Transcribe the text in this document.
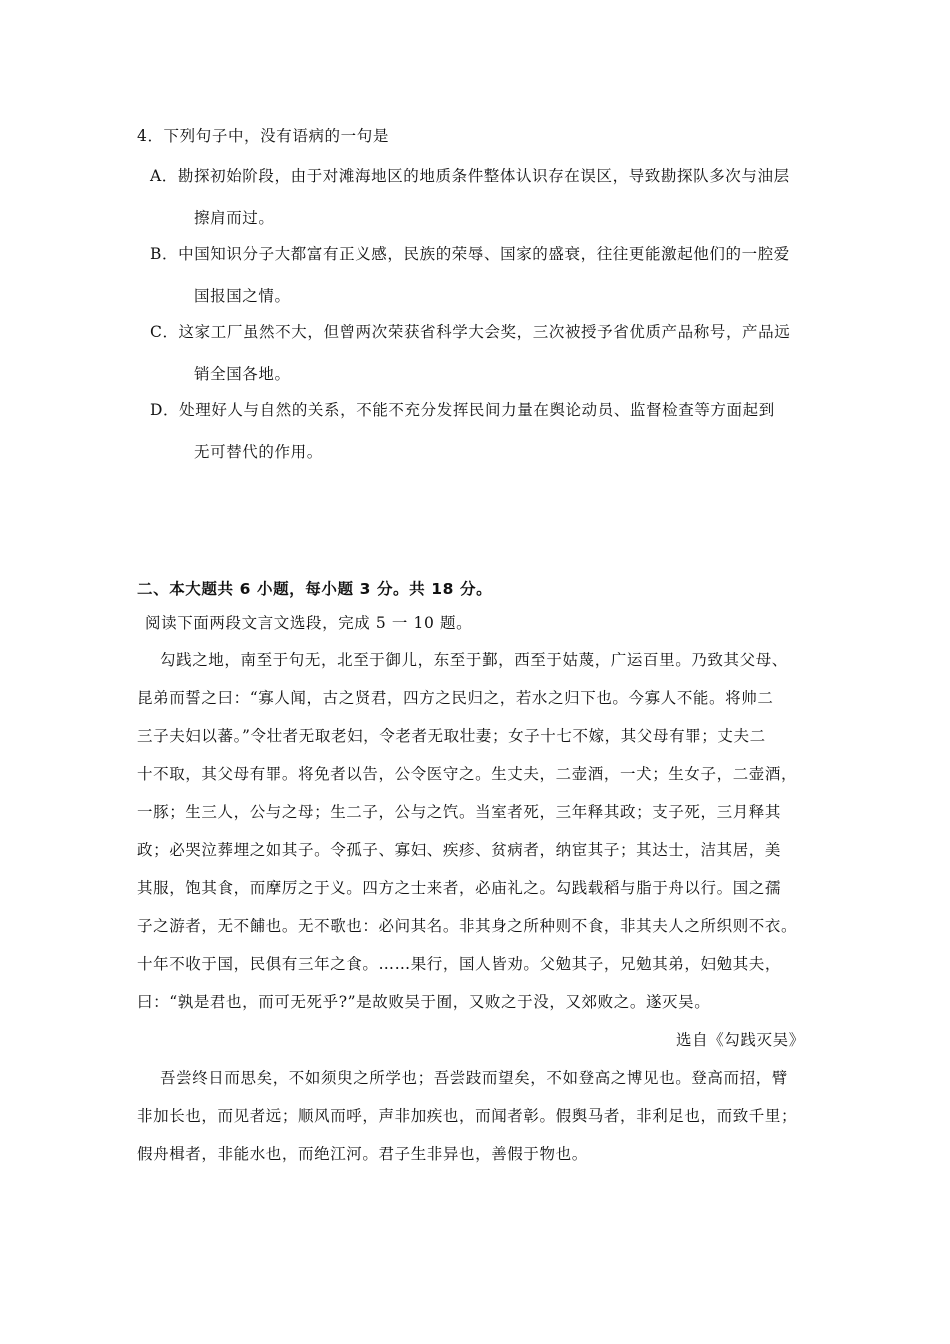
4．下列句子中，没有语病的一句是
A．勘探初始阶段，由于对滩海地区的地质条件整体认识存在误区，导致勘探队多次与油层
擦肩而过。
B．中国知识分子大都富有正义感，民族的荣辱、国家的盛衰，往往更能激起他们的一腔爱
国报国之情。
C．这家工厂虽然不大，但曾两次荣获省科学大会奖，三次被授予省优质产品称号，产品远
销全国各地。
D．处理好人与自然的关系，不能不充分发挥民间力量在舆论动员、监督检查等方面起到
无可替代的作用。
二、本大题共 6 小题，每小题 3 分。共 18 分。
阅读下面两段文言文选段，完成 5 一 10 题。
勾践之地，南至于句无，北至于御儿，东至于鄞，西至于姑蔑，广运百里。乃致其父母、
昆弟而誓之曰：“寡人闻，古之贤君，四方之民归之，若水之归下也。今寡人不能。将帅二
三子夫妇以蕃。”令壮者无取老妇，令老者无取壮妻；女子十七不嫁，其父母有罪；丈夫二
十不取，其父母有罪。将免者以告，公令医守之。生丈夫，二壶酒，一犬；生女子，二壶酒，
一豚；生三人，公与之母；生二子，公与之饩。当室者死，三年释其政；支子死，三月释其
政；必哭泣葬埋之如其子。令孤子、寡妇、疾疹、贫病者，纳宦其子；其达士，洁其居，美
其服，饱其食，而摩厉之于义。四方之士来者，必庙礼之。勾践载稻与脂于舟以行。国之孺
子之游者，无不餔也。无不歌也：必问其名。非其身之所种则不食，非其夫人之所织则不衣。
十年不收于国，民俱有三年之食。……果行，国人皆劝。父勉其子，兄勉其弟，妇勉其夫，
曰：“孰是君也，而可无死乎?”是故败吴于囿，又败之于没，又郊败之。遂灭吴。
选自《勾践灭吴》
吾尝终日而思矣，不如须臾之所学也；吾尝跂而望矣，不如登高之博见也。登高而招，臂
非加长也，而见者远；顺风而呼，声非加疾也，而闻者彰。假舆马者，非利足也，而致千里；
假舟楫者，非能水也，而绝江河。君子生非异也，善假于物也。
